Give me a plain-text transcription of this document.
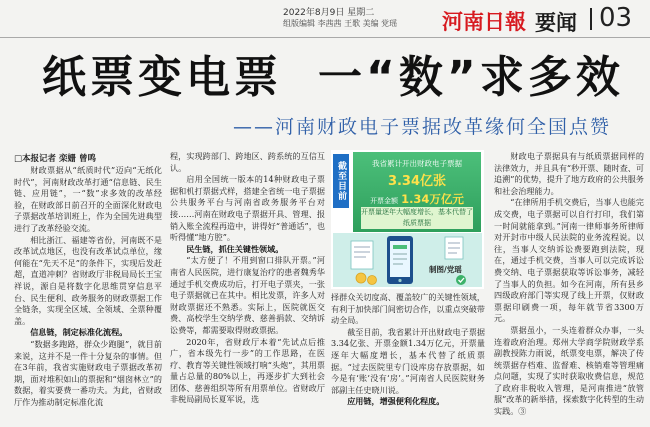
2022年8月9日 星期二
组版编辑 李茜茜 王歌 美编 党瑶 河南日報 要闻 03
纸票变电票 一“数”求多效
——河南财政电子票据改革缘何全国点赞
□本报记者 栾姗 曾鸣

财政票据从“纸质时代”迈向“无纸化时代”，河南财政改革打通“信息链、民生链、应用链”，一“数”求多效的改革经验，在财政部日前召开的全面深化财政电子票据改革培训班上，作为全国先进典型进行了改革经验交流。

相比浙江、福建等省份，河南既不是改革试点地区，也没有改革试点单位，缘何能在“先天不足”的条件下，实现后发赶超，直道冲刺？省财政厅非税局局长王宝祥说，源自是将数字化思维贯穿信息平台、民生便利、政务服务的财政票据工作全链条，实现全区域、全领域、全票种覆盖。

信息链，制定标准化流程。

“数据多跑路，群众少跑腿”，就目前来说，这并不是一件十分复杂的事情。但在3年前，我省实施财政电子票据改革初期，面对堆积如山的票据和“烟囱林立”的数据，着实要费一番功夫。为此，省财政厅作为推动制定标准化流

程，实现跨部门、跨地区、跨系统的互信互认。

启用全国统一版本的14种财政电子票据和机打票据式样，搭建全省统一电子票据公共服务平台与河南省政务服务平台对接……河南在财政电子票据开具、管理、报销入账全流程再造中，讲得好“普通话”，也听得懂“地方腔”。

民生链，抓住关键性领域。

“太方便了！不用到窗口排队开票。”河南省人民医院，进行康复治疗的患者魏秀华通过手机交费成功后，打开电子票夹，一张电子票据就已在其中。相比发票，许多人对财政票据还不熟悉。实际上，医院就医交费、高校学生交纳学费、慈善捐款、交纳诉讼费等，都需要取得财政票据。

2020年，省财政厅本着“先试点后推广，省本级先行一步”的工作思路，在医疗、教育等关键性领域打响“头炮”，其用票量占总量的80%以上，再逐步扩大到社会团体、慈善组织等所有用票单位。省财政厅非税局副局长夏军说，选

截至目前	我省累计开出财政电子票据
3.34亿张
开票金额 1.34万亿元
开票量逐年大幅度增长，基本代替了纸质票据
制图/党瑶

择群众关切度高、覆盖较广的关键性领域，有利于加快部门间密切合作，以重点突破带动全局。

截至目前，我省累计开出财政电子票据3.34亿张、开票金额1.34万亿元，开票量逐年大幅度增长，基本代替了纸质票据。“过去医院里专门设库房存放票据，如今是有‘账’没有‘房’。”河南省人民医院财务部副主任史晓川说。

应用链，增强便利化程度。

财政电子票据具有与纸质票据同样的法律效力，并且具有“秒开票、随时查、可追溯”的优势，提升了地方政府的公共服务和社会治理能力。

“在律所用手机交费后，当事人也能完成交费，电子票据可以自行打印，我们第一时间就能拿到。”河南一律师事务所律师对开封市中级人民法院的业务流程说。以往，当事人交纳诉讼费要跑到法院，现在，通过手机交费，当事人可以完成诉讼费交纳、电子票据获取等诉讼事务，减轻了当事人的负担。如今在河南，所有县乡四级政府部门等实现了线上开票，仅财政票据印刷费一项，每年就节省3300万元。

票据虽小，一头连着群众办事，一头连着政府治理。郑州大学商学院财政学系副教授陈力雨说，纸票变电票，解决了传统票据存档难、监督难、核销难等管理痛点问题，实现了实时获取收费信息，规范了政府非税收入管理，是河南推进“放管服”改革的新举措，探索数字化转型的生动实践。③
